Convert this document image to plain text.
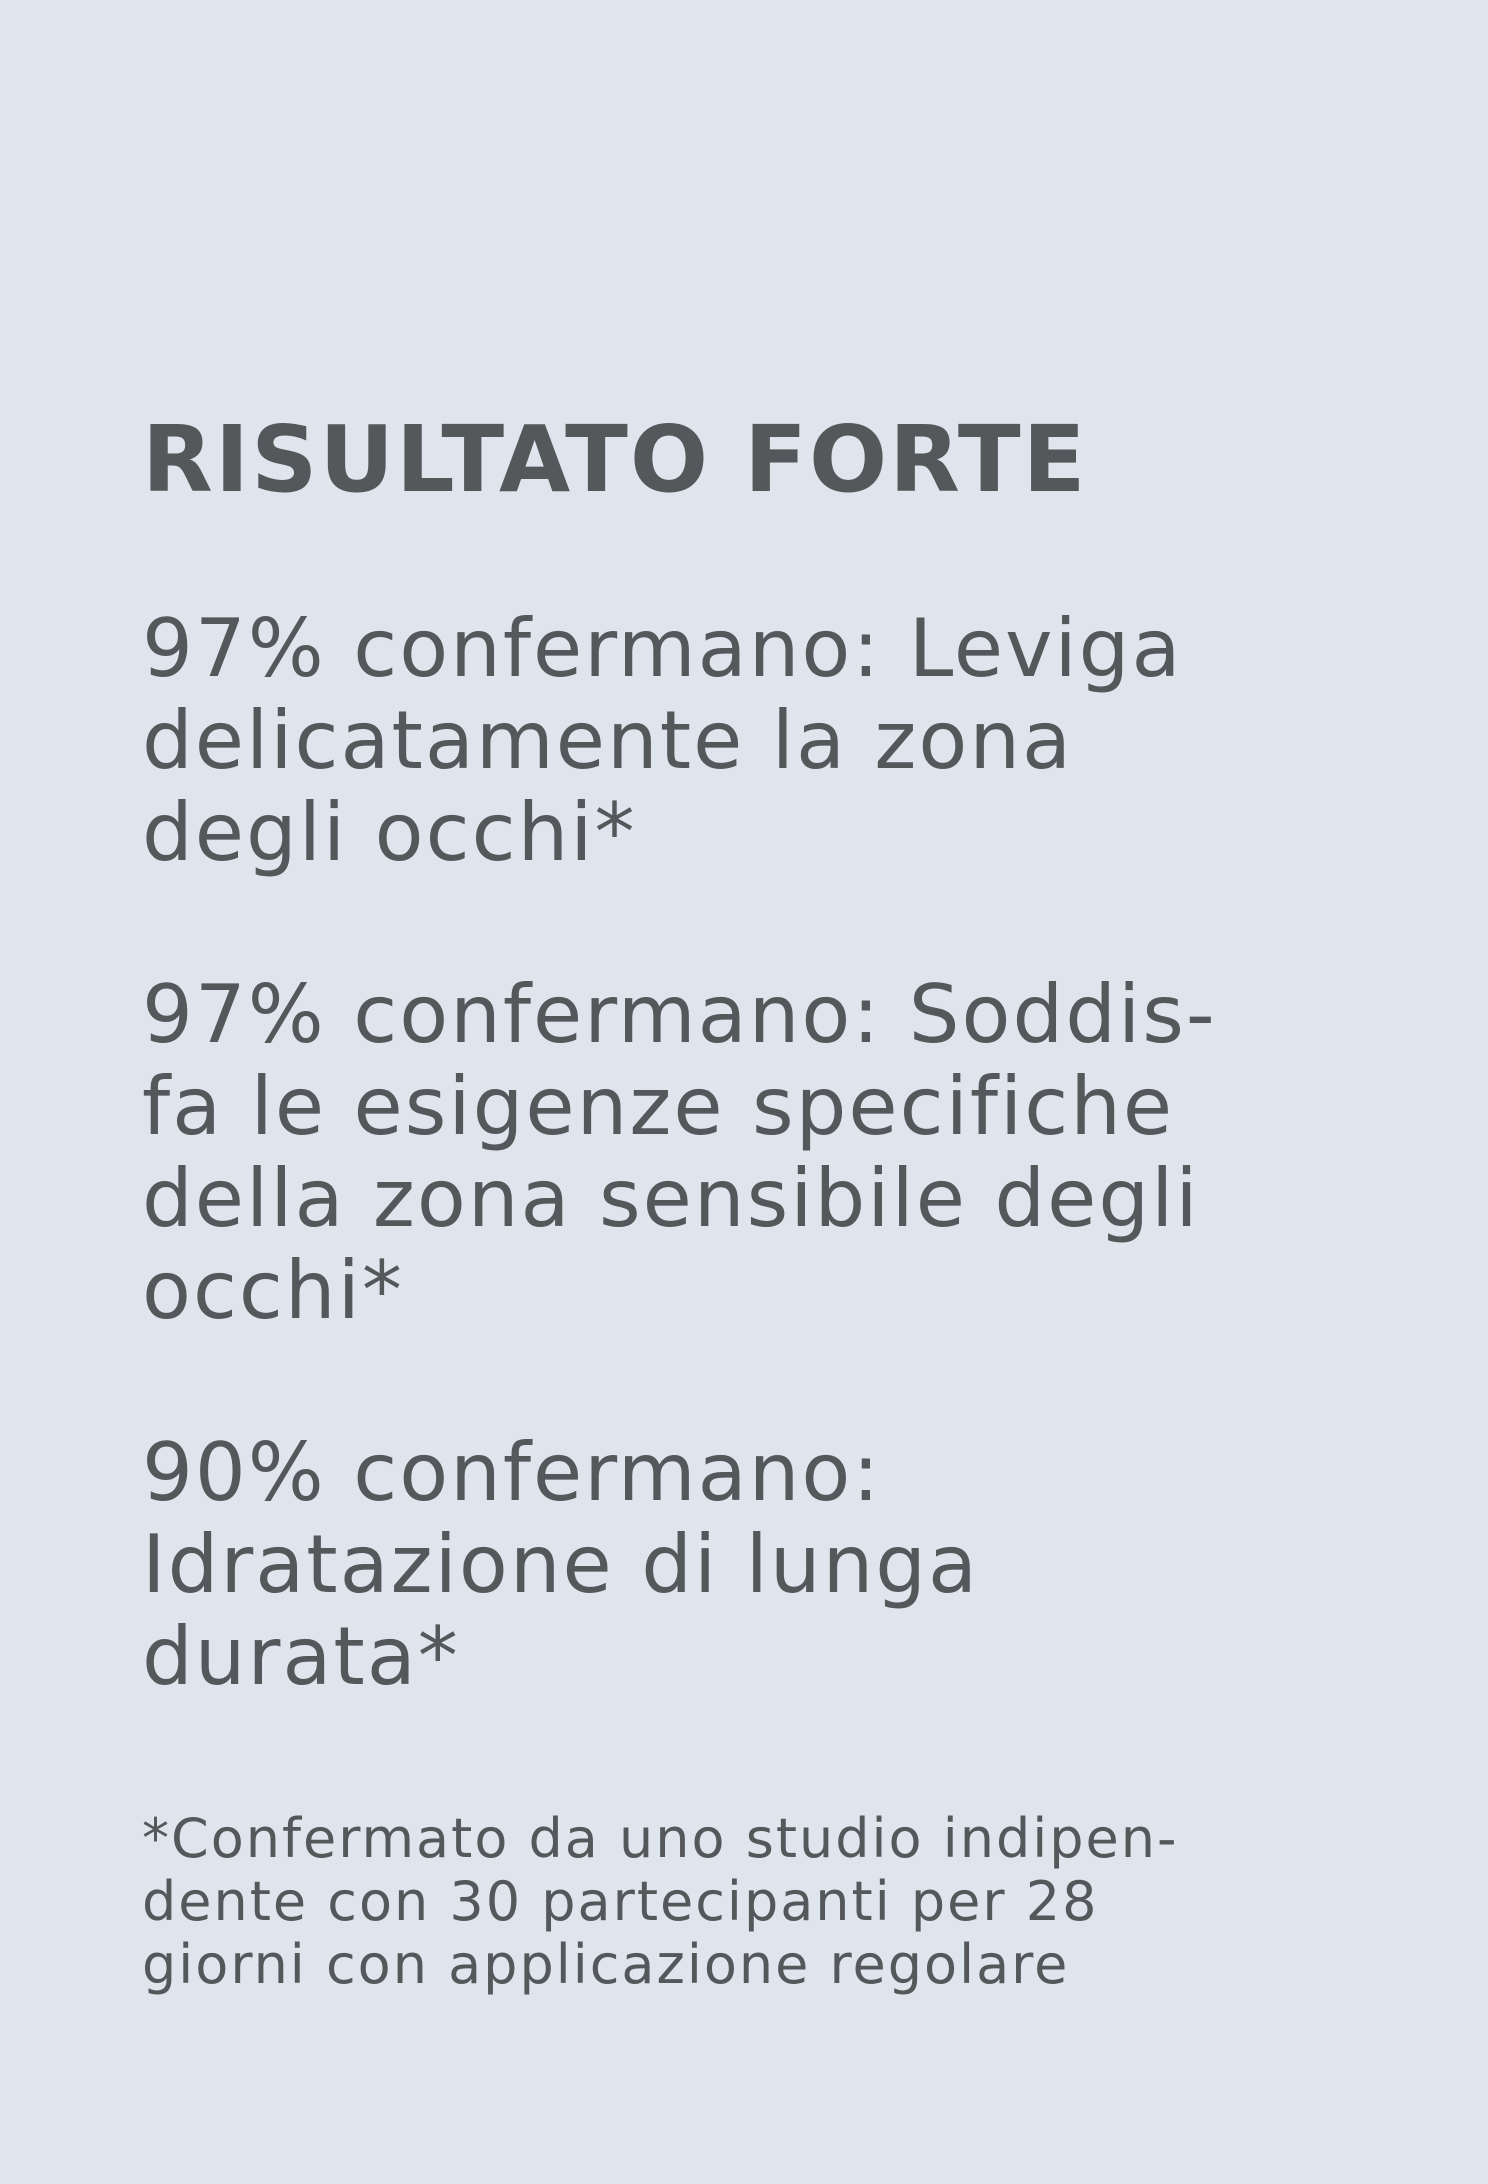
RISULTATO FORTE

97% confermano: Leviga
delicatamente la zona
degli occhi*

97% confermano: Soddis-
fa le esigenze specifiche
della zona sensibile degli
occhi*

90% confermano:
Idratazione di lunga
durata*

*Confermato da uno studio indipen-
dente con 30 partecipanti per 28
giorni con applicazione regolare
